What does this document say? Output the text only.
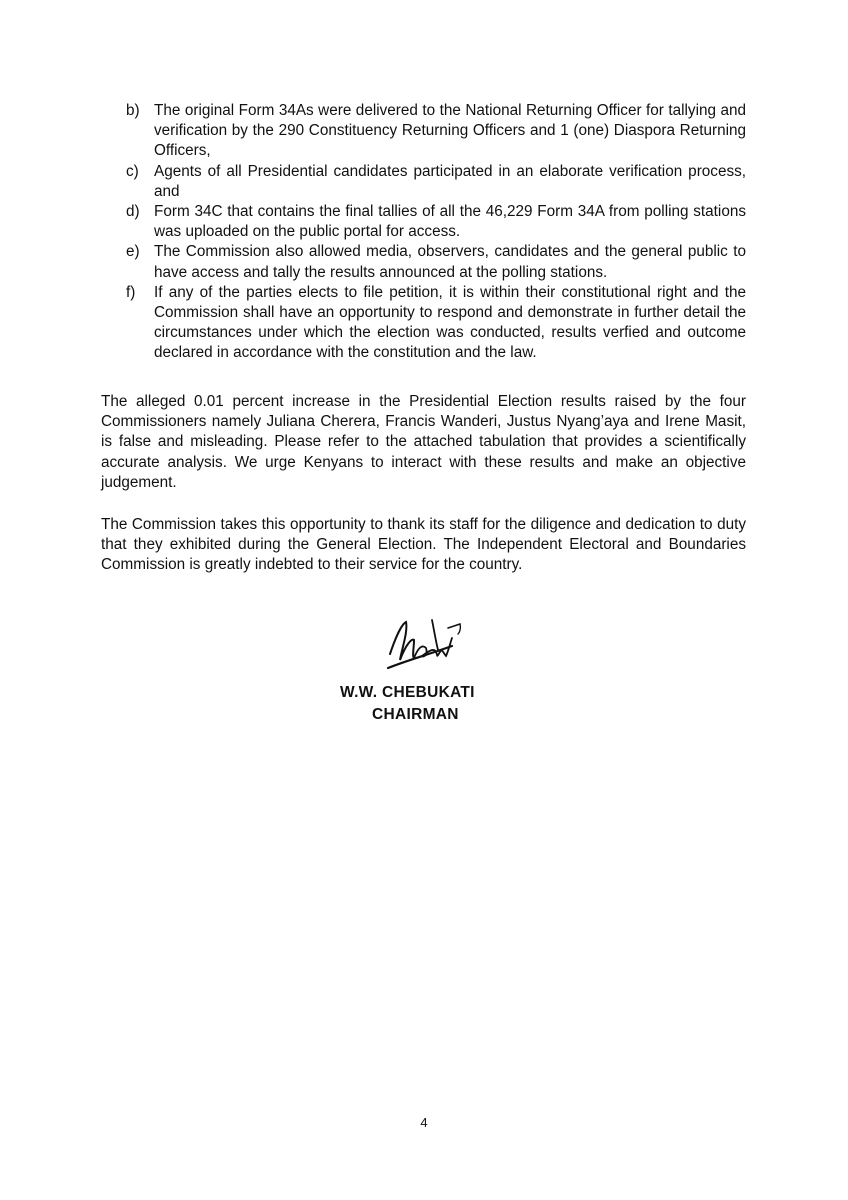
b) The original Form 34As were delivered to the National Returning Officer for tallying and verification by the 290 Constituency Returning Officers and 1 (one) Diaspora Returning Officers,
c) Agents of all Presidential candidates participated in an elaborate verification process, and
d) Form 34C that contains the final tallies of all the 46,229 Form 34A from polling stations was uploaded on the public portal for access.
e) The Commission also allowed media, observers, candidates and the general public to have access and tally the results announced at the polling stations.
f) If any of the parties elects to file petition, it is within their constitutional right and the Commission shall have an opportunity to respond and demonstrate in further detail the circumstances under which the election was conducted, results verfied and outcome declared in accordance with the constitution and the law.

The alleged 0.01 percent increase in the Presidential Election results raised by the four Commissioners namely Juliana Cherera, Francis Wanderi, Justus Nyang’aya and Irene Masit, is false and misleading. Please refer to the attached tabulation that provides a scientifically accurate analysis. We urge Kenyans to interact with these results and make an objective judgement.

The Commission takes this opportunity to thank its staff for the diligence and dedication to duty that they exhibited during the General Election. The Independent Electoral and Boundaries Commission is greatly indebted to their service for the country.

W.W. CHEBUKATI
CHAIRMAN
4
